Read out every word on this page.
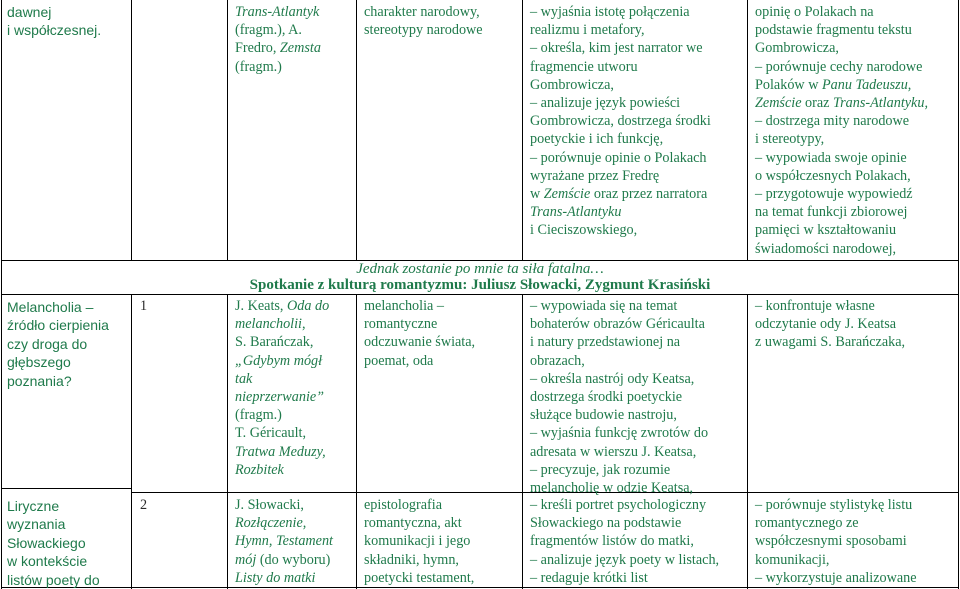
dawnej
i współczesnej.
Trans-Atlantyk
(fragm.), A.
Fredro, Zemsta
(fragm.)
charakter narodowy,
stereotypy narodowe
– wyjaśnia istotę połączenia
realizmu i metafory,
– określa, kim jest narrator we
fragmencie utworu
Gombrowicza,
– analizuje język powieści
Gombrowicza, dostrzega środki
poetyckie i ich funkcję,
– porównuje opinie o Polakach
wyrażane przez Fredrę
w Zemście oraz przez narratora
Trans-Atlantyku
i Cieciszowskiego,
opinię o Polakach na
podstawie fragmentu tekstu
Gombrowicza,
– porównuje cechy narodowe
Polaków w Panu Tadeuszu,
Zemście oraz Trans-Atlantyku,
– dostrzega mity narodowe
i stereotypy,
– wypowiada swoje opinie
o współczesnych Polakach,
– przygotowuje wypowiedź
na temat funkcji zbiorowej
pamięci w kształtowaniu
świadomości narodowej,
Jednak zostanie po mnie ta siła fatalna…
Spotkanie z kulturą romantyzmu: Juliusz Słowacki, Zygmunt Krasiński
Melancholia –
źródło cierpienia
czy droga do
głębszego
poznania?
1	J. Keats, Oda do
melancholii,
S. Barańczak,
„Gdybym mógł
tak
nieprzerwanie”
(fragm.)
T. Géricault,
Tratwa Meduzy,
Rozbitek
melancholia –
romantyczne
odczuwanie świata,
poemat, oda
– wypowiada się na temat
bohaterów obrazów Géricaulta
i natury przedstawionej na
obrazach,
– określa nastrój ody Keatsa,
dostrzega środki poetyckie
służące budowie nastroju,
– wyjaśnia funkcję zwrotów do
adresata w wierszu J. Keatsa,
– precyzuje, jak rozumie
melancholię w odzie Keatsa,
– konfrontuje własne
odczytanie ody J. Keatsa
z uwagami S. Barańczaka,
Liryczne
wyznania
Słowackiego
w kontekście
listów poety do
2	J. Słowacki,
Rozłączenie,
Hymn, Testament
mój (do wyboru)
Listy do matki
epistolografia
romantyczna, akt
komunikacji i jego
składniki, hymn,
poetycki testament,
– kreśli portret psychologiczny
Słowackiego na podstawie
fragmentów listów do matki,
– analizuje język poety w listach,
– redaguje krótki list
– porównuje stylistykę listu
romantycznego ze
współczesnymi sposobami
komunikacji,
– wykorzystuje analizowane
